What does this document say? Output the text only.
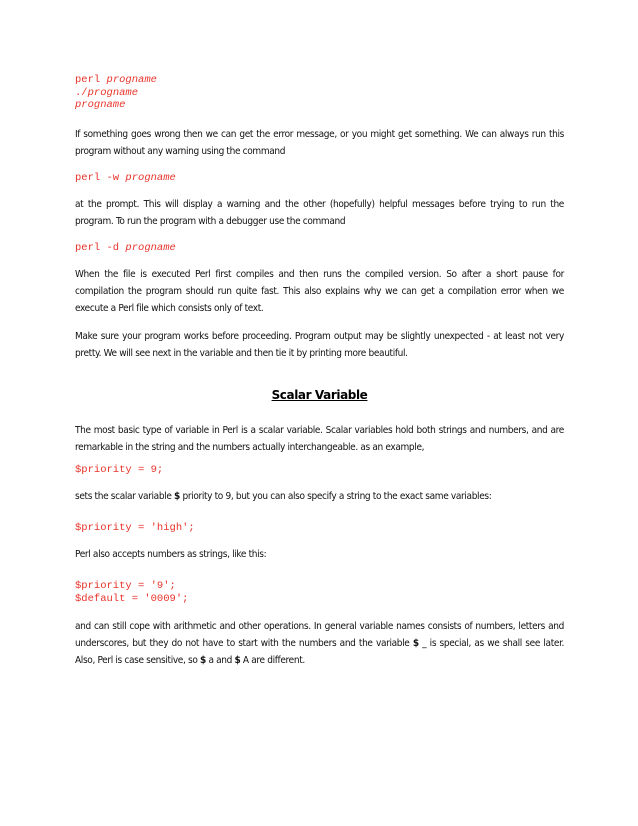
perl progname
./progname
progname
If something goes wrong then we can get the error message, or you might get something. We can always run this program without any warning using the command
perl -w progname
at the prompt. This will display a warning and the other (hopefully) helpful messages before trying to run the program. To run the program with a debugger use the command
perl -d progname
When the file is executed Perl first compiles and then runs the compiled version. So after a short pause for compilation the program should run quite fast. This also explains why we can get a compilation error when we execute a Perl file which consists only of text.
Make sure your program works before proceeding. Program output may be slightly unexpected - at least not very pretty. We will see next in the variable and then tie it by printing more beautiful.
Scalar Variable
The most basic type of variable in Perl is a scalar variable. Scalar variables hold both strings and numbers, and are remarkable in the string and the numbers actually interchangeable. as an example,
$priority = 9;
sets the scalar variable $ priority to 9, but you can also specify a string to the exact same variables:
$priority = 'high';
Perl also accepts numbers as strings, like this:
$priority = '9';
$default = '0009';
and can still cope with arithmetic and other operations. In general variable names consists of numbers, letters and underscores, but they do not have to start with the numbers and the variable $ _ is special, as we shall see later. Also, Perl is case sensitive, so $ a and $ A are different.
